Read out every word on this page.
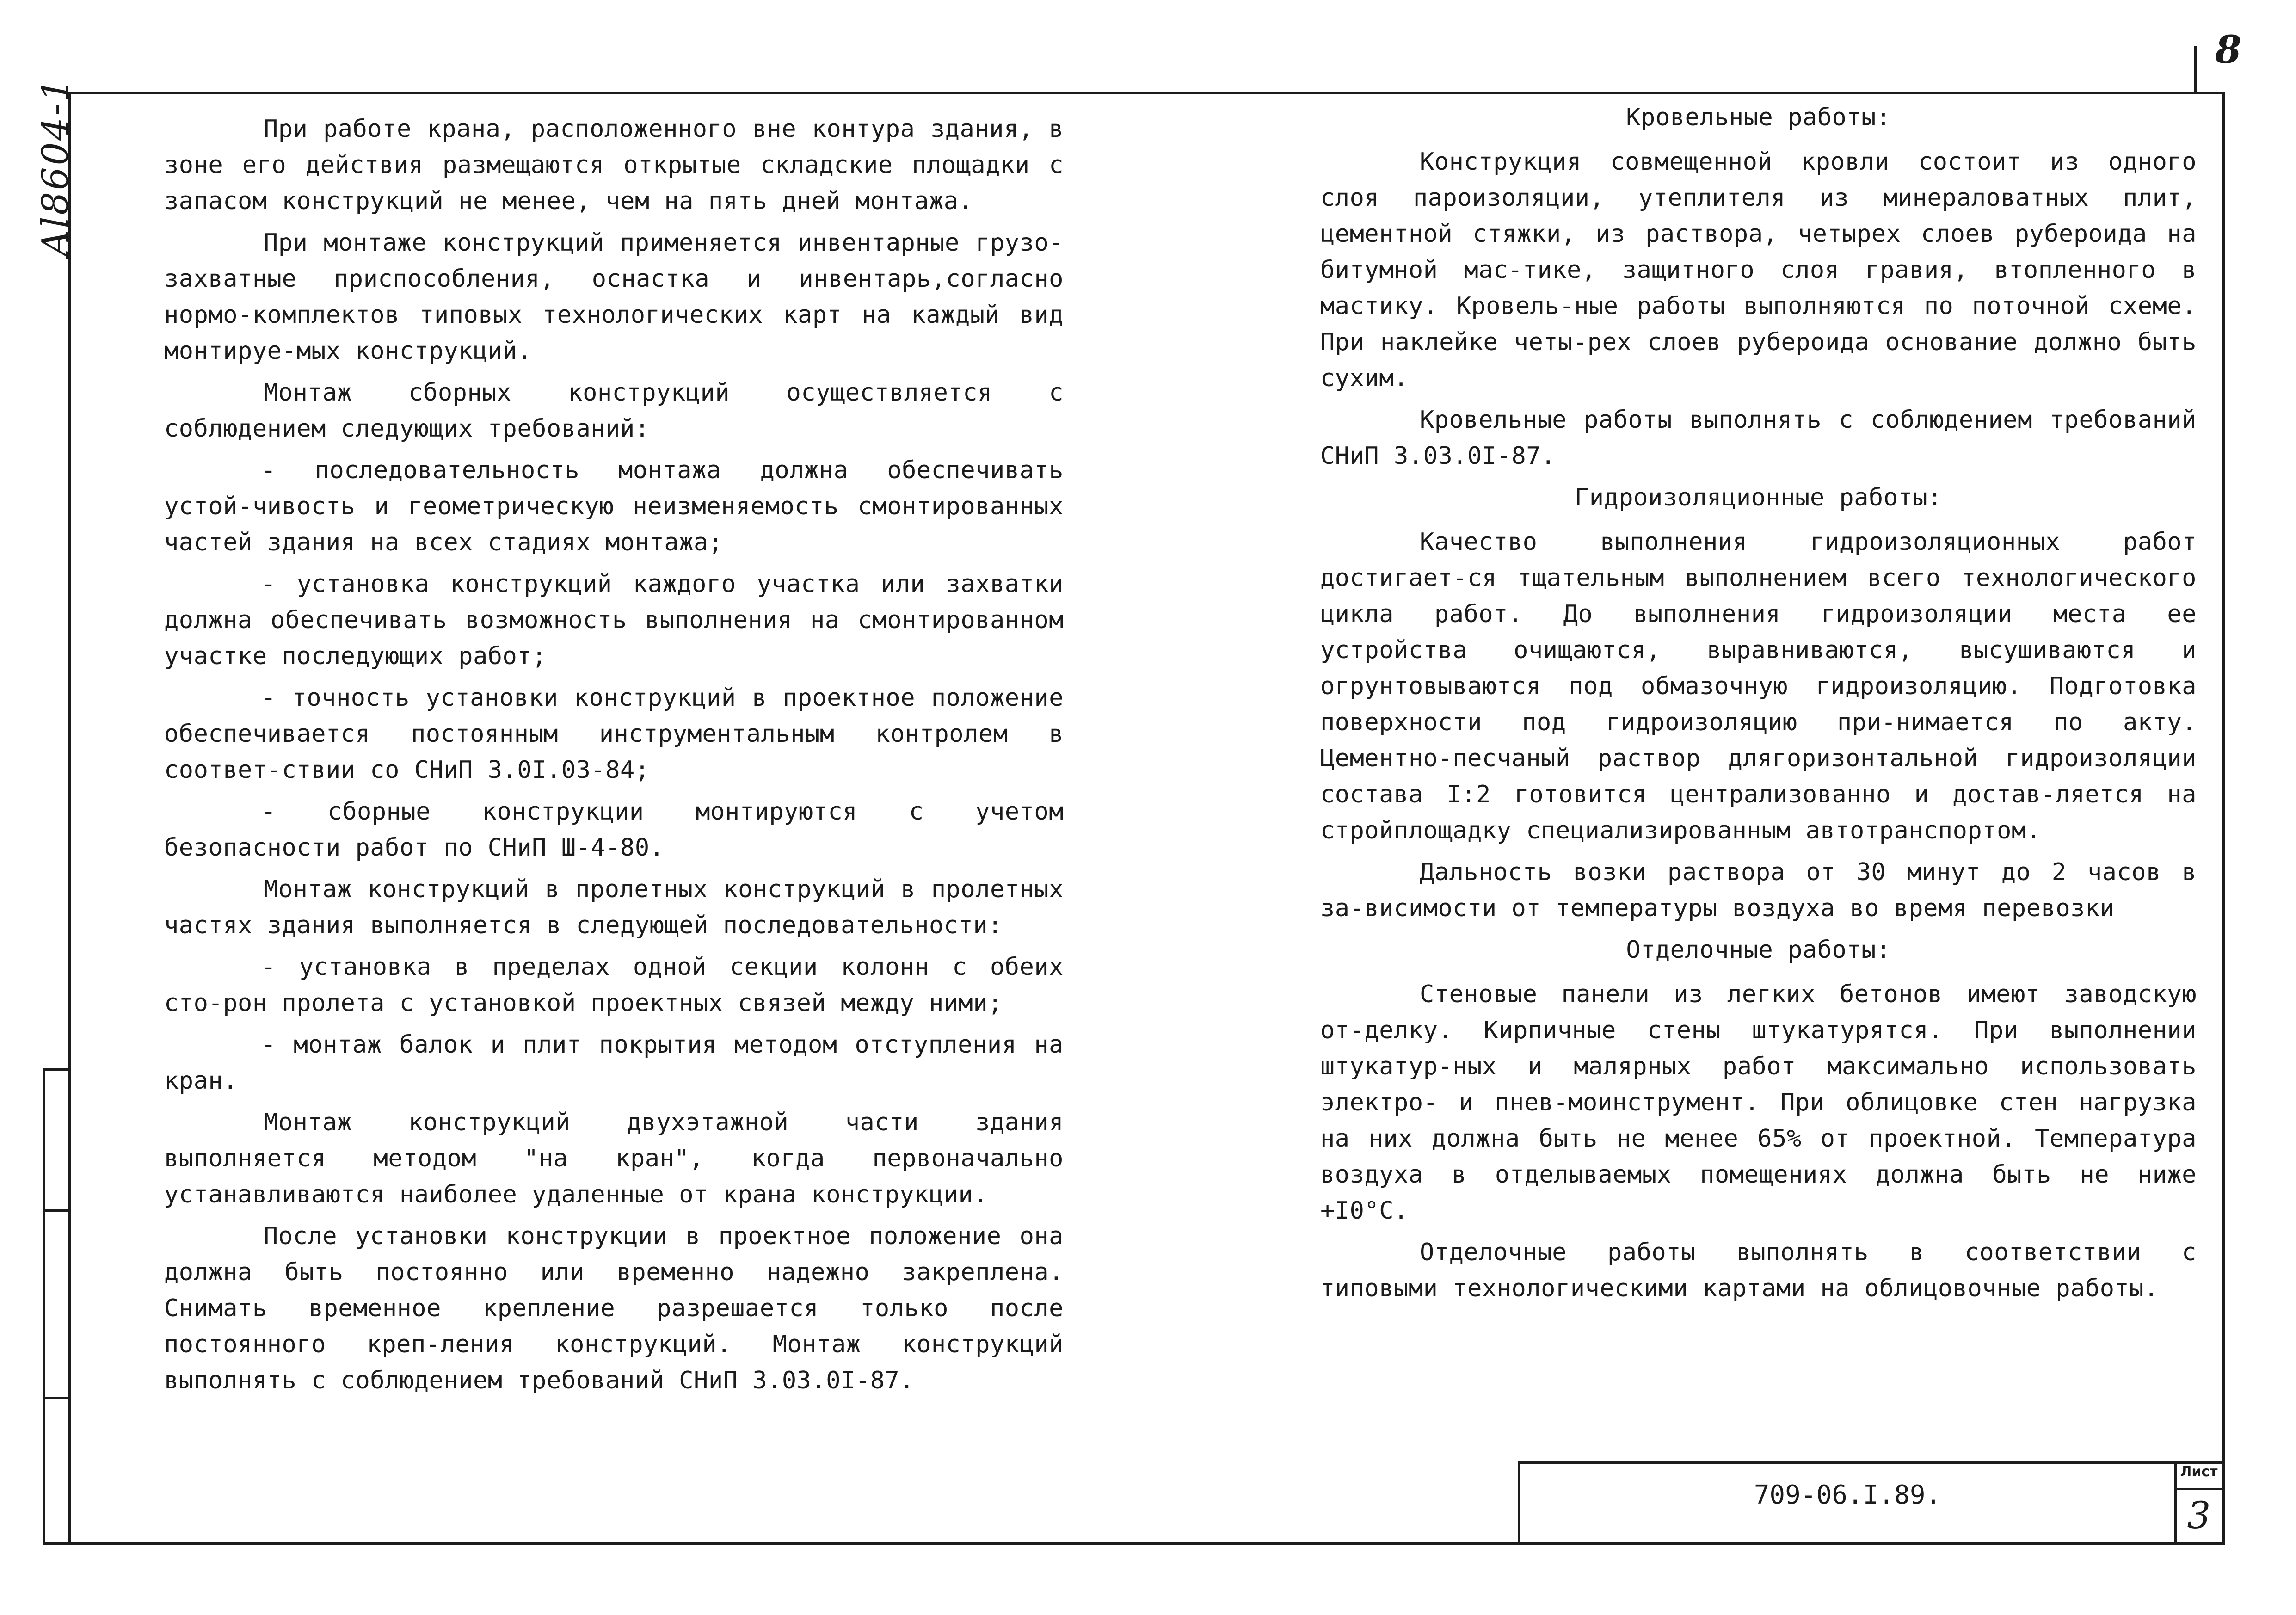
Al8604-1
8

При работе крана, расположенного вне контура здания, в зоне его действия размещаются открытые складские площадки с запасом конструкций не менее, чем на пять дней монтажа.

При монтаже конструкций применяется инвентарные грузо-захватные приспособления, оснастка и инвентарь,согласно нормо-комплектов типовых технологических карт на каждый вид монтируе-мых конструкций.

Монтаж сборных конструкций осуществляется с соблюдением следующих требований:

- последовательность монтажа должна обеспечивать устой-чивость и геометрическую неизменяемость смонтированных частей здания на всех стадиях монтажа;

- установка конструкций каждого участка или захватки должна обеспечивать возможность выполнения на смонтированном участке последующих работ;

- точность установки конструкций в проектное положение обеспечивается постоянным инструментальным контролем в соответ-ствии со СНиП 3.0I.03-84;

- сборные конструкции монтируются с учетом безопасности работ по СНиП Ш-4-80.

Монтаж конструкций в пролетных конструкций в пролетных частях здания выполняется в следующей последовательности:

- установка в пределах одной секции колонн с обеих сто-рон пролета с установкой проектных связей между ними;

- монтаж балок и плит покрытия методом отступления на кран.

Монтаж конструкций двухэтажной части здания выполняется методом "на кран", когда первоначально устанавливаются наиболее удаленные от крана конструкции.

После установки конструкции в проектное положение она должна быть постоянно или временно надежно закреплена. Снимать временное крепление разрешается только после постоянного креп-ления конструкций. Монтаж конструкций выполнять с соблюдением требований СНиП 3.03.0I-87.

Кровельные работы:

Конструкция совмещенной кровли состоит из одного слоя пароизоляции, утеплителя из минераловатных плит, цементной стяжки, из раствора, четырех слоев рубероида на битумной мас-тике, защитного слоя гравия, втопленного в мастику. Кровель-ные работы выполняются по поточной схеме. При наклейке четы-рех слоев рубероида основание должно быть сухим.

Кровельные работы выполнять с соблюдением требований СНиП 3.03.0I-87.

Гидроизоляционные работы:

Качество выполнения гидроизоляционных работ достигает-ся тщательным выполнением всего технологического цикла работ. До выполнения гидроизоляции места ее устройства очищаются, выравниваются, высушиваются и огрунтовываются под обмазочную гидроизоляцию. Подготовка поверхности под гидроизоляцию при-нимается по акту. Цементно-песчаный раствор длягоризонтальной гидроизоляции состава I:2 готовится централизованно и достав-ляется на стройплощадку специализированным автотранспортом.

Дальность возки раствора от 30 минут до 2 часов в за-висимости от температуры воздуха во время перевозки

Отделочные работы:

Стеновые панели из легких бетонов имеют заводскую от-делку. Кирпичные стены штукатурятся. При выполнении штукатур-ных и малярных работ максимально использовать электро- и пнев-моинструмент. При облицовке стен нагрузка на них должна быть не менее 65% от проектной. Температура воздуха в отделываемых помещениях должна быть не ниже +I0°С.

Отделочные работы выполнять в соответствии с типовыми технологическими картами на облицовочные работы.

709-06.I.89.
Лист
3
